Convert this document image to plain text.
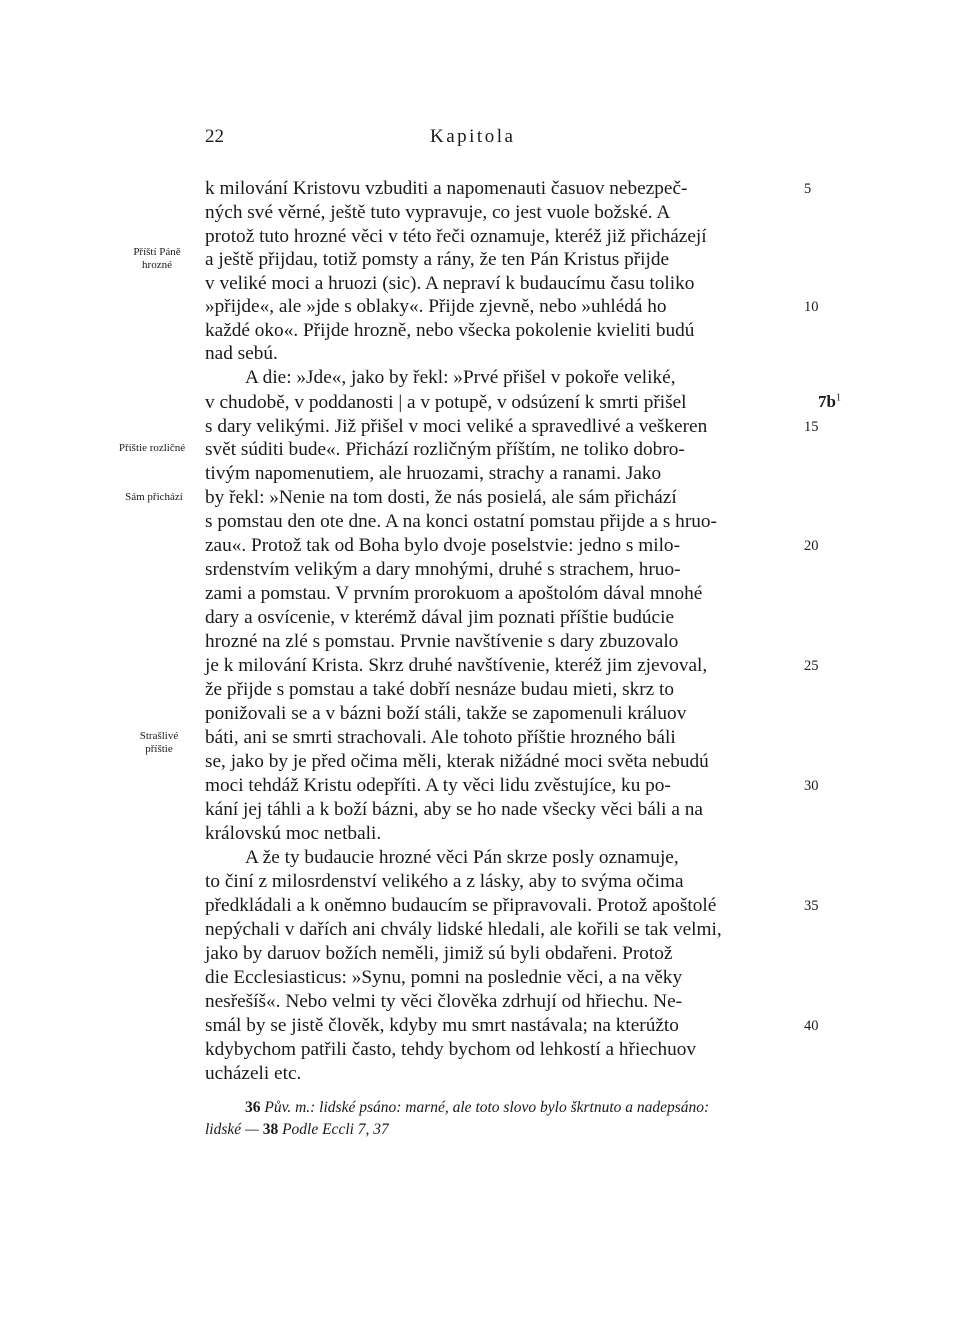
22	Kapitola
Příští Páně
hrozné
Příštie rozličné
Sám přichází
Strašlivé
příštie
$7b^1$
k milování Kristovu vzbuditi a napomenauti časuov nebezpeč-
ných své věrné, ještě tuto vypravuje, co jest vuole božské. A
protož tuto hrozné věci v této řeči oznamuje, kteréž již přicházejí
a ještě přijdau, totiž pomsty a rány, že ten Pán Kristus přijde
v veliké moci a hruozi (sic). A nepraví k budaucímu času toliko
»přijde«, ale »jde s oblaky«. Přijde zjevně, nebo »uhlédá ho
každé oko«. Přijde hrozně, nebo všecka pokolenie kvieliti budú
nad sebú.
A die: »Jde«, jako by řekl: »Prvé přišel v pokoře veliké,
v chudobě, v poddanosti | a v potupě, v odsúzení k smrti přišel
s dary velikými. Již přišel v moci veliké a spravedlivé a veškeren
svět súditi bude«. Přichází rozličným příštím, ne toliko dobro-
tivým napomenutiem, ale hruozami, strachy a ranami. Jako
by řekl: »Nenie na tom dosti, že nás posielá, ale sám přichází
s pomstau den ote dne. A na konci ostatní pomstau přijde a s hruo-
zau«. Protož tak od Boha bylo dvoje poselstvie: jedno s milo-
srdenstvím velikým a dary mnohými, druhé s strachem, hruo-
zami a pomstau. V prvním prorokuom a apoštolóm dával mnohé
dary a osvícenie, v kterémž dával jim poznati příštie budúcie
hrozné na zlé s pomstau. Prvnie navštívenie s dary zbuzovalo
je k milování Krista. Skrz druhé navštívenie, kteréž jim zjevoval,
že přijde s pomstau a také dobří nesnáze budau mieti, skrz to
ponižovali se a v bázni boží stáli, takže se zapomenuli králuov
báti, ani se smrti strachovali. Ale tohoto příštie hrozného báli
se, jako by je před očima měli, kterak nižádné moci světa nebudú
moci tehdáž Kristu odepříti. A ty věci lidu zvěstujíce, ku po-
kání jej táhli a k boží bázni, aby se ho nade všecky věci báli a na
královskú moc netbali.
A že ty budaucie hrozné věci Pán skrze posly oznamuje,
to činí z milosrdenství velikého a z lásky, aby to svýma očima
předkládali a k oněmno budaucím se připravovali. Protož apoštolé
nepýchali v dařích ani chvály lidské hledali, ale kořili se tak velmi,
jako by daruov božích neměli, jimiž sú byli obdařeni. Protož
die Ecclesiasticus: »Synu, pomni na poslednie věci, a na věky
nesřešíš«. Nebo velmi ty věci člověka zdrhují od hřiechu. Ne-
smál by se jistě člověk, kdyby mu smrt nastávala; na kterúžto
kdybychom patřili často, tehdy bychom od lehkostí a hřiechuov
ucházeli etc.
5
10
15
20
25
30
35
40
36 Pův. m.: lidské psáno: marné, ale toto slovo bylo škrtnuto a nadepsáno:
lidské — 38 Podle Eccli 7, 37
